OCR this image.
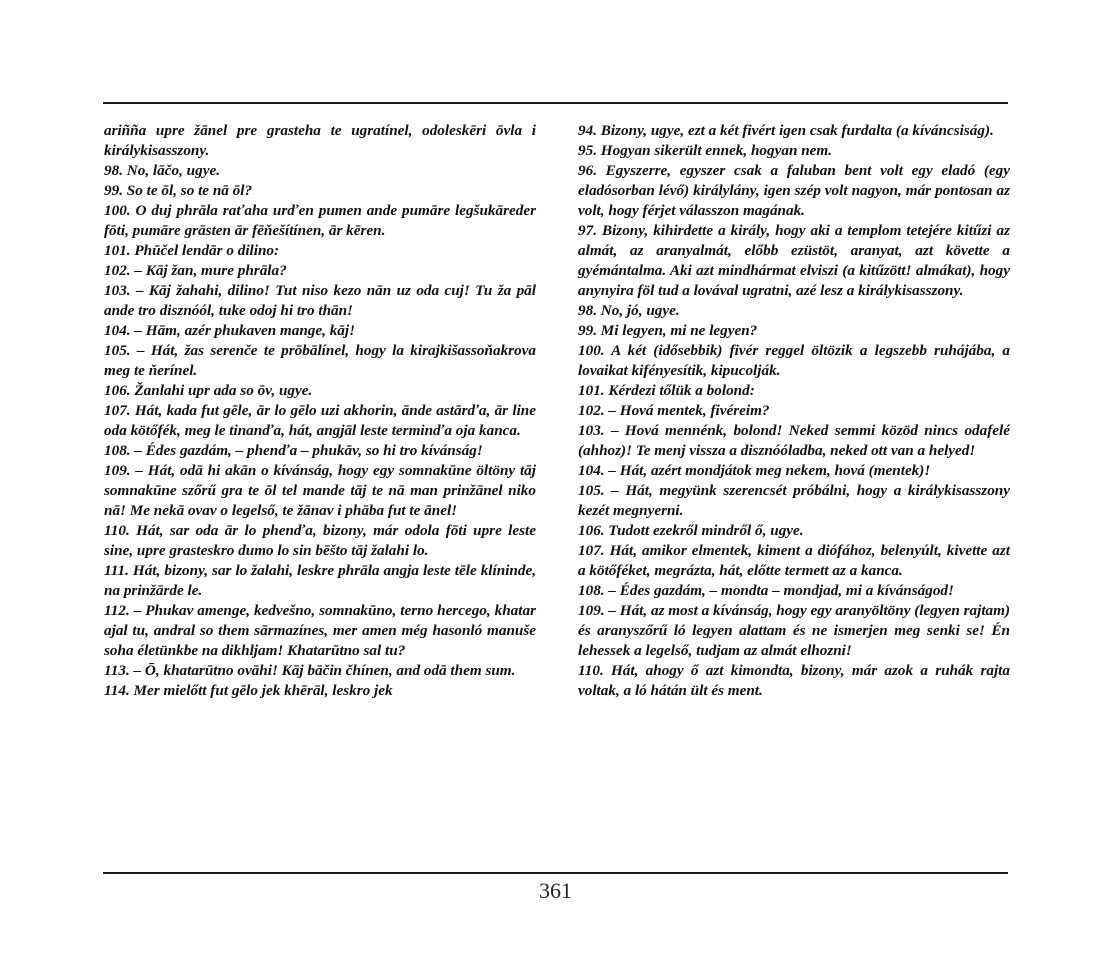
ariñña upre žānel pre grasteha te ugratínel, odoleskēri ōvla i királykisasszony.

98. No, lāčo, ugye.

99. So te ōl, so te nā ōl?

100. O duj phrāla raťaha urďen pumen ande pumāre legšukāreder fōti, pumāre grāsten ār fēňešítínen, ār kēren.

101. Phūčel lendār o dilino:

102. – Kāj žan, mure phrāla?

103. – Kāj žahahi, dilino! Tut niso kezo nān uz oda cuj! Tu ža pāl ande tro disznóól, tuke odoj hi tro thān!

104. – Hām, azér phukaven mange, kāj!

105. – Hát, žas serenče te prōbālínel, hogy la kirajkišassoňakrova meg te ňerínel.

106. Žanlahi upr ada so ōv, ugye.

107. Hát, kada fut gēle, ār lo gēlo uzi akhorin, ānde astārďa, ār line oda kötőfék, meg le tinanďa, hát, angjāl leste terminďa oja kanca.

108. – Édes gazdám, – phenďa – phukāv, so hi tro kívánság!

109. – Hát, odā hi akān o kívánság, hogy egy somnakūne öltöny tāj somnakūne szőrű gra te ōl tel mande tāj te nā man prinžānel niko nā! Me nekā ovav o legelső, te žānav i phāba fut te ānel!

110. Hát, sar oda ār lo phenďa, bizony, már odola fōti upre leste sine, upre grasteskro dumo lo sin bēšto tāj žalahi lo.

111. Hát, bizony, sar lo žalahi, leskre phrāla angja leste tēle klíninde, na prinžārde le.

112. – Phukav amenge, kedvešno, somnakūno, terno hercego, khatar ajal tu, andral so them sārmazínes, mer amen még hasonló manuše soha életünkbe na dikhljam! Khatarūtno sal tu?

113. – Ō, khatarūtno ovāhi! Kāj bāčin čhínen, and odā them sum.

114. Mer mielőtt fut gēlo jek khērāl, leskro jek

94. Bizony, ugye, ezt a két fivért igen csak furdalta (a kíváncsiság).

95. Hogyan sikerült ennek, hogyan nem.

96. Egyszerre, egyszer csak a faluban bent volt egy eladó (egy eladósorban lévő) királylány, igen szép volt nagyon, már pontosan az volt, hogy férjet válasszon magának.

97. Bizony, kihirdette a király, hogy aki a templom tetejére kitűzi az almát, az aranyalmát, előbb ezüstöt, aranyat, azt követte a gyémántalma. Aki azt mindhármat elviszi (a kitűzött! almákat), hogy anynyira föl tud a lovával ugratni, azé lesz a királykisasszony.

98. No, jó, ugye.

99. Mi legyen, mi ne legyen?

100. A két (idősebbik) fivér reggel öltözik a legszebb ruhájába, a lovaikat kifényesítik, kipucolják.

101. Kérdezi tőlük a bolond:

102. – Hová mentek, fivéreim?

103. – Hová mennénk, bolond! Neked semmi közöd nincs odafelé (ahhoz)! Te menj vissza a disznóóladba, neked ott van a helyed!

104. – Hát, azért mondjátok meg nekem, hová (mentek)!

105. – Hát, megyünk szerencsét próbálni, hogy a királykisasszony kezét megnyerni.

106. Tudott ezekről mindről ő, ugye.

107. Hát, amikor elmentek, kiment a diófához, belenyúlt, kivette azt a kötőféket, megrázta, hát, előtte termett az a kanca.

108. – Édes gazdám, – mondta – mondjad, mi a kívánságod!

109. – Hát, az most a kívánság, hogy egy aranyöltöny (legyen rajtam) és aranyszőrű ló legyen alattam és ne ismerjen meg senki se! Én lehessek a legelső, tudjam az almát elhozni!

110. Hát, ahogy ő azt kimondta, bizony, már azok a ruhák rajta voltak, a ló hátán ült és ment.

361
